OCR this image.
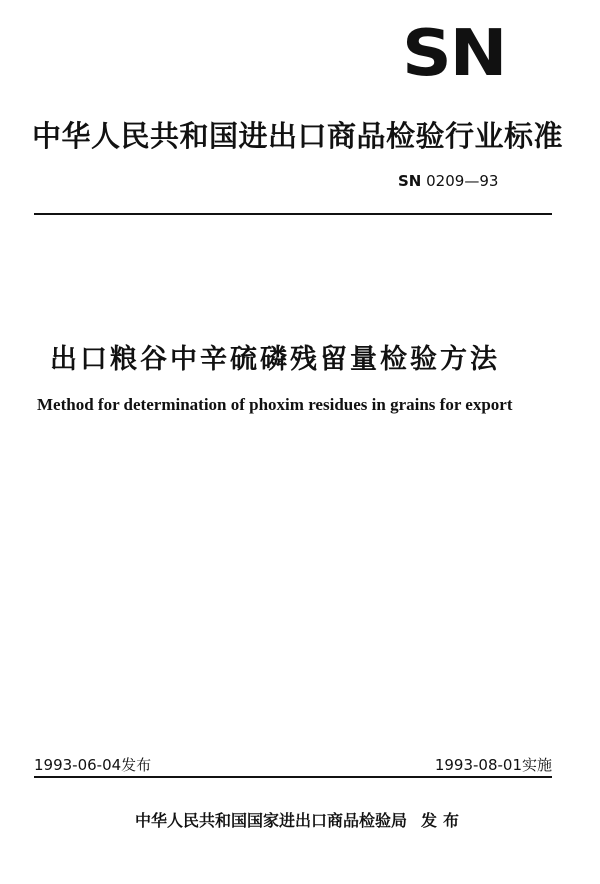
SN
中华人民共和国进出口商品检验行业标准
SN 0209—93
出口粮谷中辛硫磷残留量检验方法
Method for determination of phoxim residues in grains for export
1993-06-04发布	1993-08-01实施
中华人民共和国国家进出口商品检验局 发布
